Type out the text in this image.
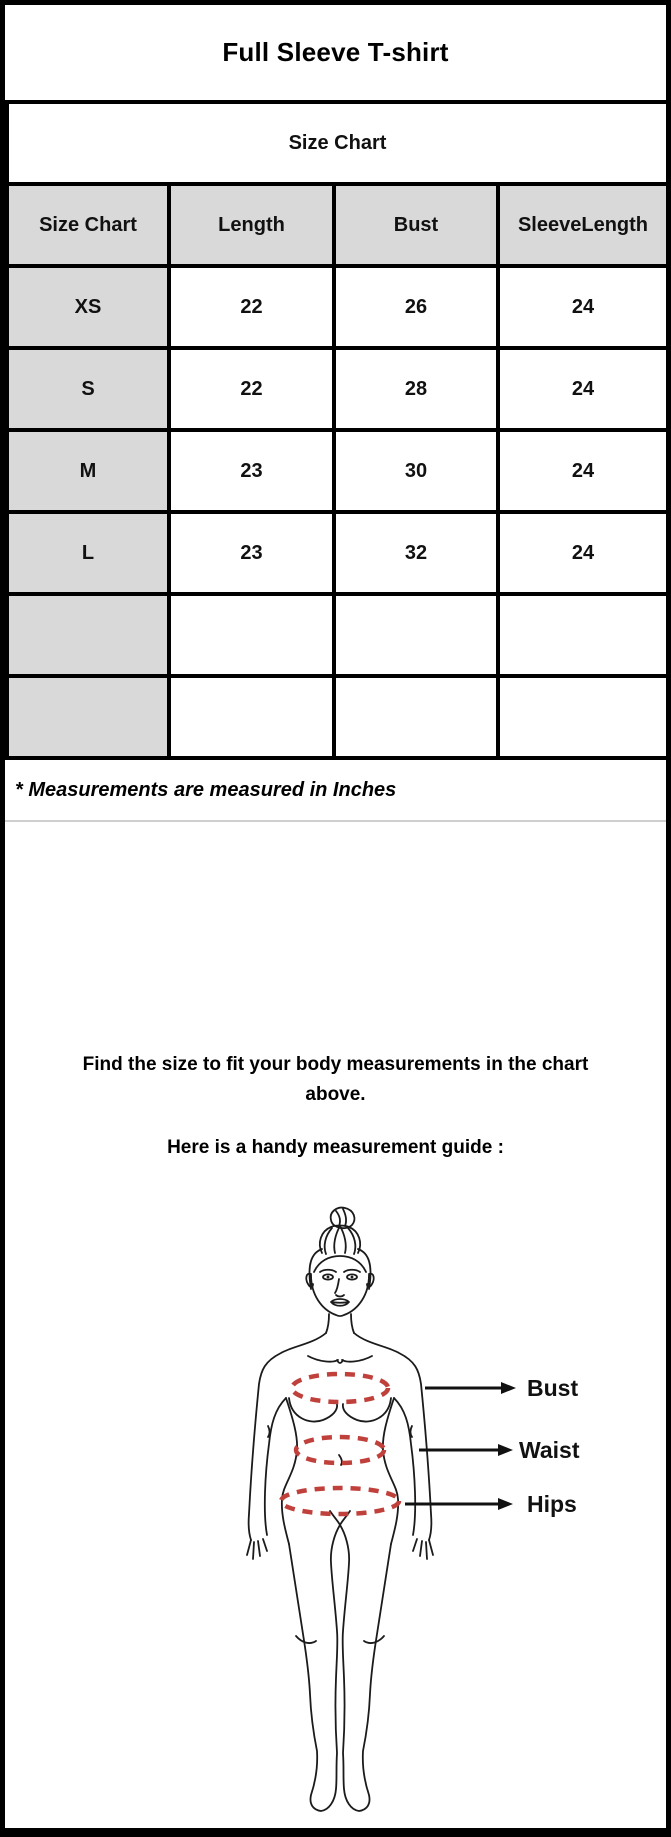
Full Sleeve T-shirt
Size Chart			
Size Chart	Length	Bust	SleeveLength
XS	22	26	24
S	22	28	24
M	23	30	24
L	23	32	24

* Measurements are measured in Inches

Find the size to fit your body measurements in the chart above.

Here is a handy measurement guide :

Bust
Waist
Hips
